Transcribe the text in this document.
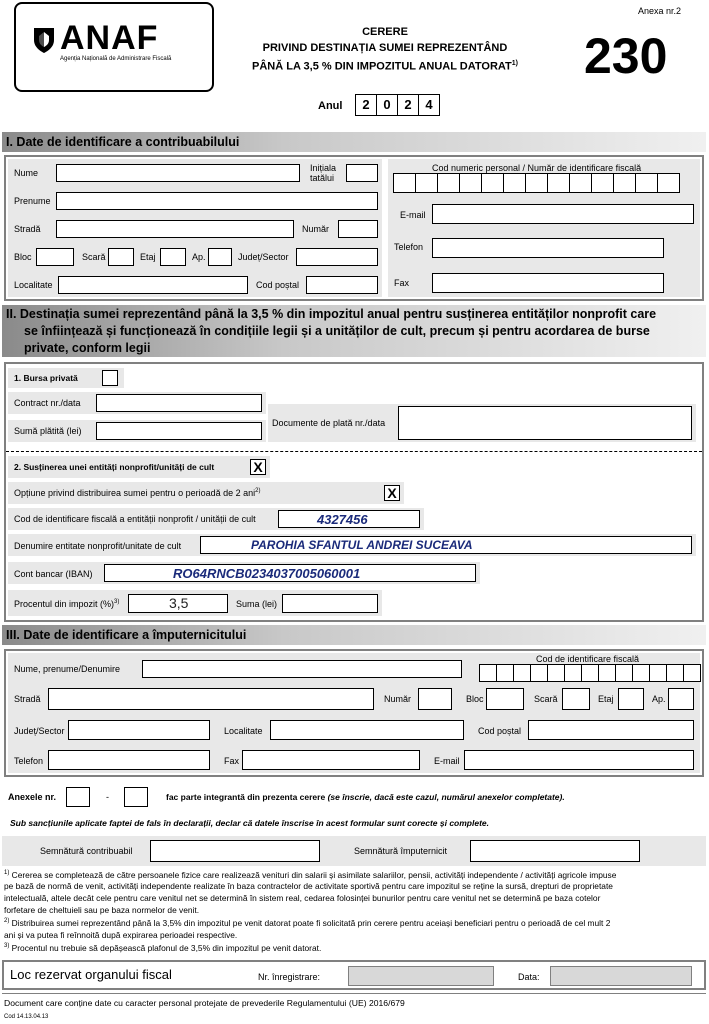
ANAF
Agenția Națională de Administrare Fiscală
CERERE
PRIVIND DESTINAȚIA SUMEI REPREZENTÂND
PÂNĂ LA 3,5 % DIN IMPOZITUL ANUAL DATORAT$^{1)}$
Anexa nr.2
230
Anul	2	0	2	4
I. Date de identificare a contribuabilului
Nume	Inițiala
tatălui
Prenume
Stradă	Număr
Bloc	Scară	Etaj	Ap.	Județ/Sector
Localitate	Cod poștal
Cod numeric personal / Număr de identificare fiscală
E-mail
Telefon
Fax
II. Destinația sumei reprezentând până la 3,5 % din impozitul anual pentru susținerea entităților nonprofit care
se înființează și funcționează în condițiile legii și a unităților de cult, precum și pentru acordarea de burse
private, conform legii
1. Bursa privată
Contract nr./data
Sumă plătită (lei)
Documente de plată nr./data
2. Susținerea unei entități nonprofit/unități de cult	X
Opțiune privind distribuirea sumei pentru o perioadă de 2 ani$^{2)}$	X
Cod de identificare fiscală a entității nonprofit / unității de cult	4327456
Denumire entitate nonprofit/unitate de cult	PAROHIA SFANTUL ANDREI SUCEAVA
Cont bancar (IBAN)	RO64RNCB0234037005060001
Procentul din impozit (%)$^{3)}$	3,5	Suma (lei)
III. Date de identificare a împuternicitului
Nume, prenume/Denumire
Cod de identificare fiscală
Stradă	Număr	Bloc	Scară	Etaj	Ap.
Județ/Sector	Localitate	Cod poștal
Telefon	Fax	E-mail
Anexele nr.	-	fac parte integrantă din prezenta cerere (se înscrie, dacă este cazul, numărul anexelor completate).
Sub sancțiunile aplicate faptei de fals în declarații, declar că datele înscrise în acest formular sunt corecte și complete.
Semnătură contribuabil	Semnătură împuternicit
$^{1)}$ Cererea se completează de către persoanele fizice care realizează venituri din salarii și asimilate salariilor, pensii, activități independente / activități agricole impuse
pe bază de normă de venit, activități independente realizate în baza contractelor de activitate sportivă pentru care impozitul se reține la sursă, drepturi de proprietate
intelectuală, altele decât cele pentru care venitul net se determină în sistem real, cedarea folosinței bunurilor pentru care venitul net se determină pe baza cotelor
forfetare de cheltuieli sau pe baza normelor de venit.
$^{2)}$ Distribuirea sumei reprezentând până la 3,5% din impozitul pe venit datorat poate fi solicitată prin cerere pentru aceiași beneficiari pentru o perioadă de cel mult 2
ani și va putea fi reînnoită după expirarea perioadei respective.
$^{3)}$ Procentul nu trebuie să depășească plafonul de 3,5% din impozitul pe venit datorat.
Loc rezervat organului fiscal	Nr. înregistrare:	Data:
Document care conține date cu caracter personal protejate de prevederile Regulamentului (UE) 2016/679
Cod 14.13.04.13
